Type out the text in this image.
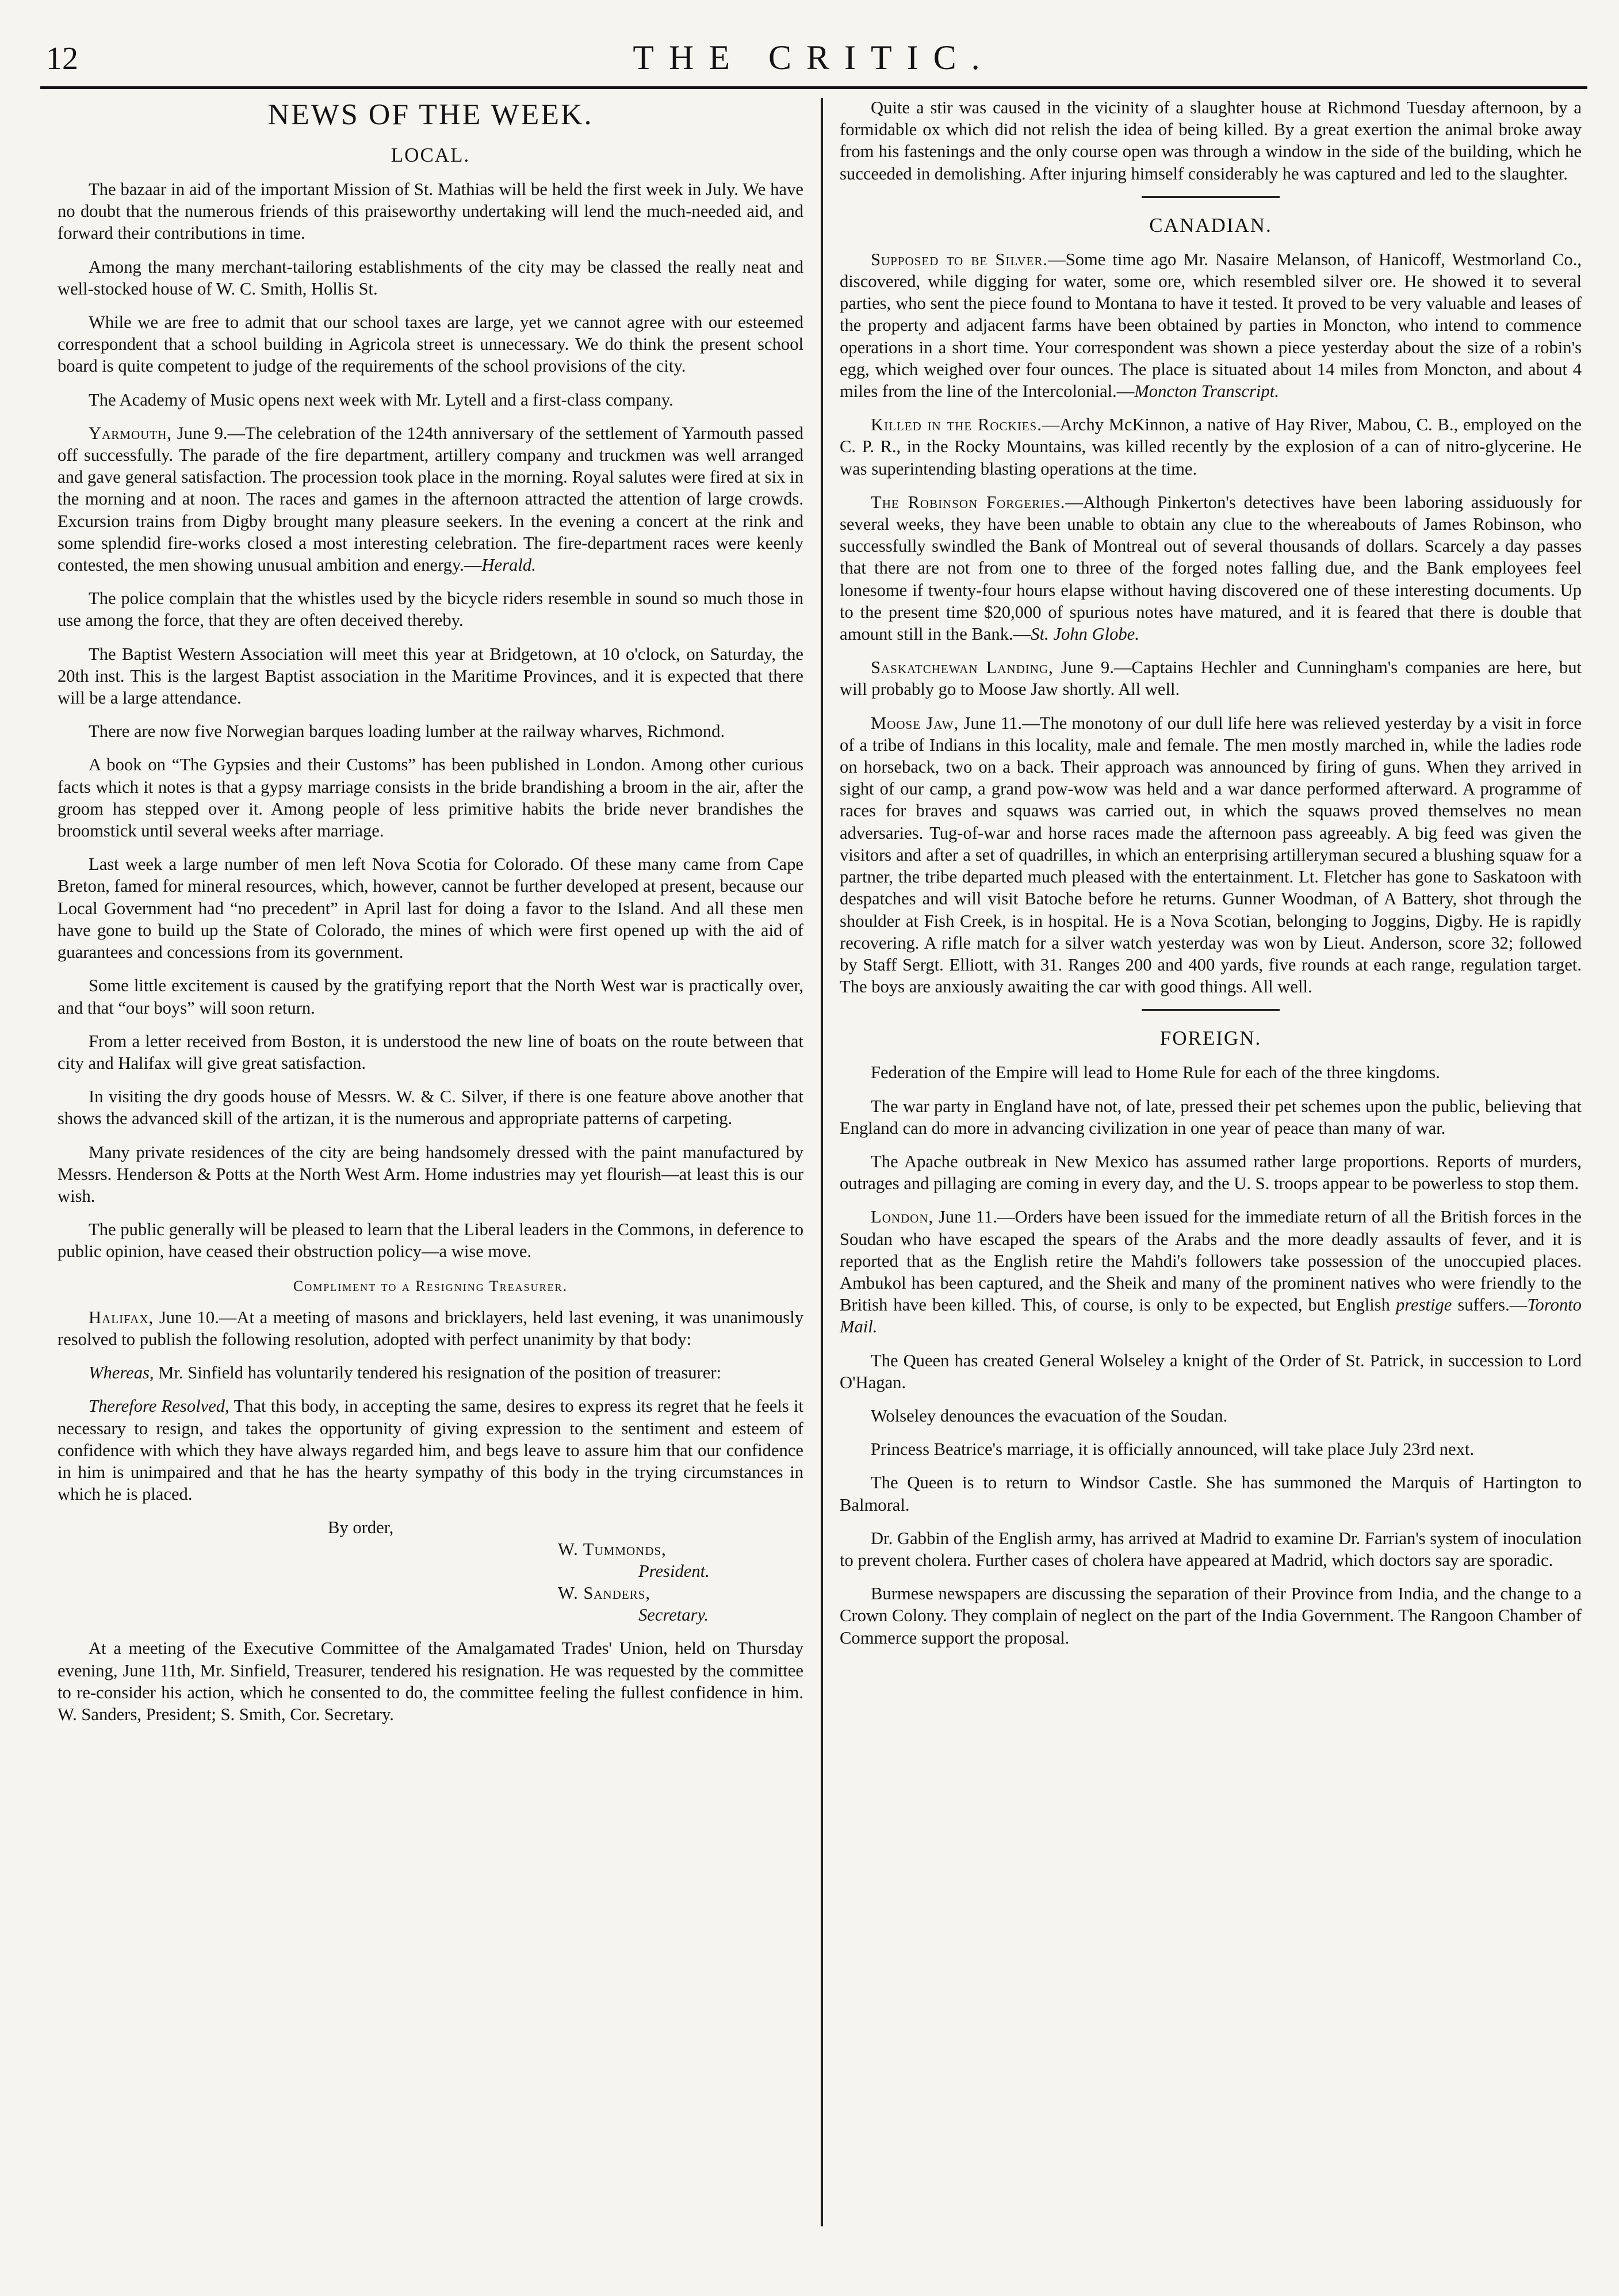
12	THE CRITIC.
NEWS OF THE WEEK.
LOCAL.

The bazaar in aid of the important Mission of St. Mathias will be held the first week in July. We have no doubt that the numerous friends of this praiseworthy undertaking will lend the much-needed aid, and forward their contributions in time.

Among the many merchant-tailoring establishments of the city may be classed the really neat and well-stocked house of W. C. Smith, Hollis St.

While we are free to admit that our school taxes are large, yet we cannot agree with our esteemed correspondent that a school building in Agricola street is unnecessary. We do think the present school board is quite competent to judge of the requirements of the school provisions of the city.

The Academy of Music opens next week with Mr. Lytell and a first-class company.

Yarmouth, June 9.—The celebration of the 124th anniversary of the settlement of Yarmouth passed off successfully. The parade of the fire department, artillery company and truckmen was well arranged and gave general satisfaction. The procession took place in the morning. Royal salutes were fired at six in the morning and at noon. The races and games in the afternoon attracted the attention of large crowds. Excursion trains from Digby brought many pleasure seekers. In the evening a concert at the rink and some splendid fire-works closed a most interesting celebration. The fire-department races were keenly contested, the men showing unusual ambition and energy.—Herald.

The police complain that the whistles used by the bicycle riders resemble in sound so much those in use among the force, that they are often deceived thereby.

The Baptist Western Association will meet this year at Bridgetown, at 10 o'clock, on Saturday, the 20th inst. This is the largest Baptist association in the Maritime Provinces, and it is expected that there will be a large attendance.

There are now five Norwegian barques loading lumber at the railway wharves, Richmond.

A book on “The Gypsies and their Customs” has been published in London. Among other curious facts which it notes is that a gypsy marriage consists in the bride brandishing a broom in the air, after the groom has stepped over it. Among people of less primitive habits the bride never brandishes the broomstick until several weeks after marriage.

Last week a large number of men left Nova Scotia for Colorado. Of these many came from Cape Breton, famed for mineral resources, which, however, cannot be further developed at present, because our Local Government had “no precedent” in April last for doing a favor to the Island. And all these men have gone to build up the State of Colorado, the mines of which were first opened up with the aid of guarantees and concessions from its government.

Some little excitement is caused by the gratifying report that the North West war is practically over, and that “our boys” will soon return.

From a letter received from Boston, it is understood the new line of boats on the route between that city and Halifax will give great satisfaction.

In visiting the dry goods house of Messrs. W. & C. Silver, if there is one feature above another that shows the advanced skill of the artizan, it is the numerous and appropriate patterns of carpeting.

Many private residences of the city are being handsomely dressed with the paint manufactured by Messrs. Henderson & Potts at the North West Arm. Home industries may yet flourish—at least this is our wish.

The public generally will be pleased to learn that the Liberal leaders in the Commons, in deference to public opinion, have ceased their obstruction policy—a wise move.

Compliment to a Resigning Treasurer.

Halifax, June 10.—At a meeting of masons and bricklayers, held last evening, it was unanimously resolved to publish the following resolution, adopted with perfect unanimity by that body:

Whereas, Mr. Sinfield has voluntarily tendered his resignation of the position of treasurer:

Therefore Resolved, That this body, in accepting the same, desires to express its regret that he feels it necessary to resign, and takes the opportunity of giving expression to the sentiment and esteem of confidence with which they have always regarded him, and begs leave to assure him that our confidence in him is unimpaired and that he has the hearty sympathy of this body in the trying circumstances in which he is placed.

By order,
W. Tummonds,
President.
W. Sanders,
Secretary.

At a meeting of the Executive Committee of the Amalgamated Trades' Union, held on Thursday evening, June 11th, Mr. Sinfield, Treasurer, tendered his resignation. He was requested by the committee to re-consider his action, which he consented to do, the committee feeling the fullest confidence in him. W. Sanders, President; S. Smith, Cor. Secretary.

Quite a stir was caused in the vicinity of a slaughter house at Richmond Tuesday afternoon, by a formidable ox which did not relish the idea of being killed. By a great exertion the animal broke away from his fastenings and the only course open was through a window in the side of the building, which he succeeded in demolishing. After injuring himself considerably he was captured and led to the slaughter.

CANADIAN.

Supposed to be Silver.—Some time ago Mr. Nasaire Melanson, of Hanicoff, Westmorland Co., discovered, while digging for water, some ore, which resembled silver ore. He showed it to several parties, who sent the piece found to Montana to have it tested. It proved to be very valuable and leases of the property and adjacent farms have been obtained by parties in Moncton, who intend to commence operations in a short time. Your correspondent was shown a piece yesterday about the size of a robin's egg, which weighed over four ounces. The place is situated about 14 miles from Moncton, and about 4 miles from the line of the Intercolonial.—Moncton Transcript.

Killed in the Rockies.—Archy McKinnon, a native of Hay River, Mabou, C. B., employed on the C. P. R., in the Rocky Mountains, was killed recently by the explosion of a can of nitro-glycerine. He was superintending blasting operations at the time.

The Robinson Forgeries.—Although Pinkerton's detectives have been laboring assiduously for several weeks, they have been unable to obtain any clue to the whereabouts of James Robinson, who successfully swindled the Bank of Montreal out of several thousands of dollars. Scarcely a day passes that there are not from one to three of the forged notes falling due, and the Bank employees feel lonesome if twenty-four hours elapse without having discovered one of these interesting documents. Up to the present time $20,000 of spurious notes have matured, and it is feared that there is double that amount still in the Bank.—St. John Globe.

Saskatchewan Landing, June 9.—Captains Hechler and Cunningham's companies are here, but will probably go to Moose Jaw shortly. All well.

Moose Jaw, June 11.—The monotony of our dull life here was relieved yesterday by a visit in force of a tribe of Indians in this locality, male and female. The men mostly marched in, while the ladies rode on horseback, two on a back. Their approach was announced by firing of guns. When they arrived in sight of our camp, a grand pow-wow was held and a war dance performed afterward. A programme of races for braves and squaws was carried out, in which the squaws proved themselves no mean adversaries. Tug-of-war and horse races made the afternoon pass agreeably. A big feed was given the visitors and after a set of quadrilles, in which an enterprising artilleryman secured a blushing squaw for a partner, the tribe departed much pleased with the entertainment. Lt. Fletcher has gone to Saskatoon with despatches and will visit Batoche before he returns. Gunner Woodman, of A Battery, shot through the shoulder at Fish Creek, is in hospital. He is a Nova Scotian, belonging to Joggins, Digby. He is rapidly recovering. A rifle match for a silver watch yesterday was won by Lieut. Anderson, score 32; followed by Staff Sergt. Elliott, with 31. Ranges 200 and 400 yards, five rounds at each range, regulation target. The boys are anxiously awaiting the car with good things. All well.

FOREIGN.

Federation of the Empire will lead to Home Rule for each of the three kingdoms.

The war party in England have not, of late, pressed their pet schemes upon the public, believing that England can do more in advancing civilization in one year of peace than many of war.

The Apache outbreak in New Mexico has assumed rather large proportions. Reports of murders, outrages and pillaging are coming in every day, and the U. S. troops appear to be powerless to stop them.

London, June 11.—Orders have been issued for the immediate return of all the British forces in the Soudan who have escaped the spears of the Arabs and the more deadly assaults of fever, and it is reported that as the English retire the Mahdi's followers take possession of the unoccupied places. Ambukol has been captured, and the Sheik and many of the prominent natives who were friendly to the British have been killed. This, of course, is only to be expected, but English prestige suffers.—Toronto Mail.

The Queen has created General Wolseley a knight of the Order of St. Patrick, in succession to Lord O'Hagan.

Wolseley denounces the evacuation of the Soudan.

Princess Beatrice's marriage, it is officially announced, will take place July 23rd next.

The Queen is to return to Windsor Castle. She has summoned the Marquis of Hartington to Balmoral.

Dr. Gabbin of the English army, has arrived at Madrid to examine Dr. Farrian's system of inoculation to prevent cholera. Further cases of cholera have appeared at Madrid, which doctors say are sporadic.

Burmese newspapers are discussing the separation of their Province from India, and the change to a Crown Colony. They complain of neglect on the part of the India Government. The Rangoon Chamber of Commerce support the proposal.
